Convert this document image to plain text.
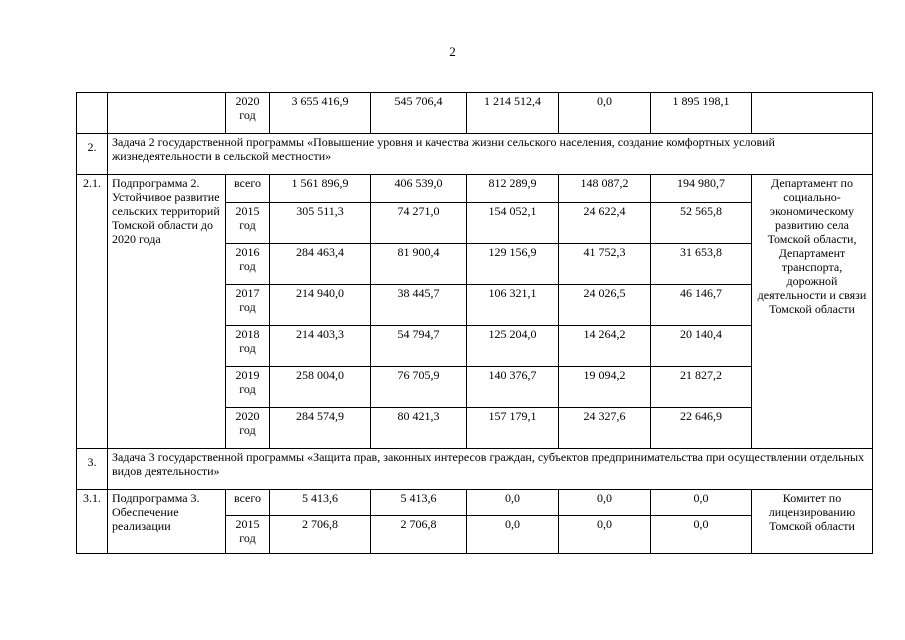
2
		2020 год	3 655 416,9	545 706,4	1 214 512,4	0,0	1 895 198,1	
2.	Задача 2 государственной программы «Повышение уровня и качества жизни сельского населения, создание комфортных условий жизнедеятельности в сельской местности»							
2.1.	Подпрограмма 2. Устойчивое развитие сельских территорий Томской области до 2020 года	всего	1 561 896,9	406 539,0	812 289,9	148 087,2	194 980,7	Департамент по социально-экономическому развитию села Томской области, Департамент транспорта, дорожной деятельности и связи Томской области
		2015 год	305 511,3	74 271,0	154 052,1	24 622,4	52 565,8	
		2016 год	284 463,4	81 900,4	129 156,9	41 752,3	31 653,8	
		2017 год	214 940,0	38 445,7	106 321,1	24 026,5	46 146,7	
		2018 год	214 403,3	54 794,7	125 204,0	14 264,2	20 140,4	
		2019 год	258 004,0	76 705,9	140 376,7	19 094,2	21 827,2	
		2020 год	284 574,9	80 421,3	157 179,1	24 327,6	22 646,9	
3.	Задача 3 государственной программы «Защита прав, законных интересов граждан, субъектов предпринимательства при осуществлении отдельных видов деятельности»							
3.1.	Подпрограмма 3. Обеспечение реализации	всего	5 413,6	5 413,6	0,0	0,0	0,0	Комитет по лицензированию Томской области
		2015 год	2 706,8	2 706,8	0,0	0,0	0,0	
